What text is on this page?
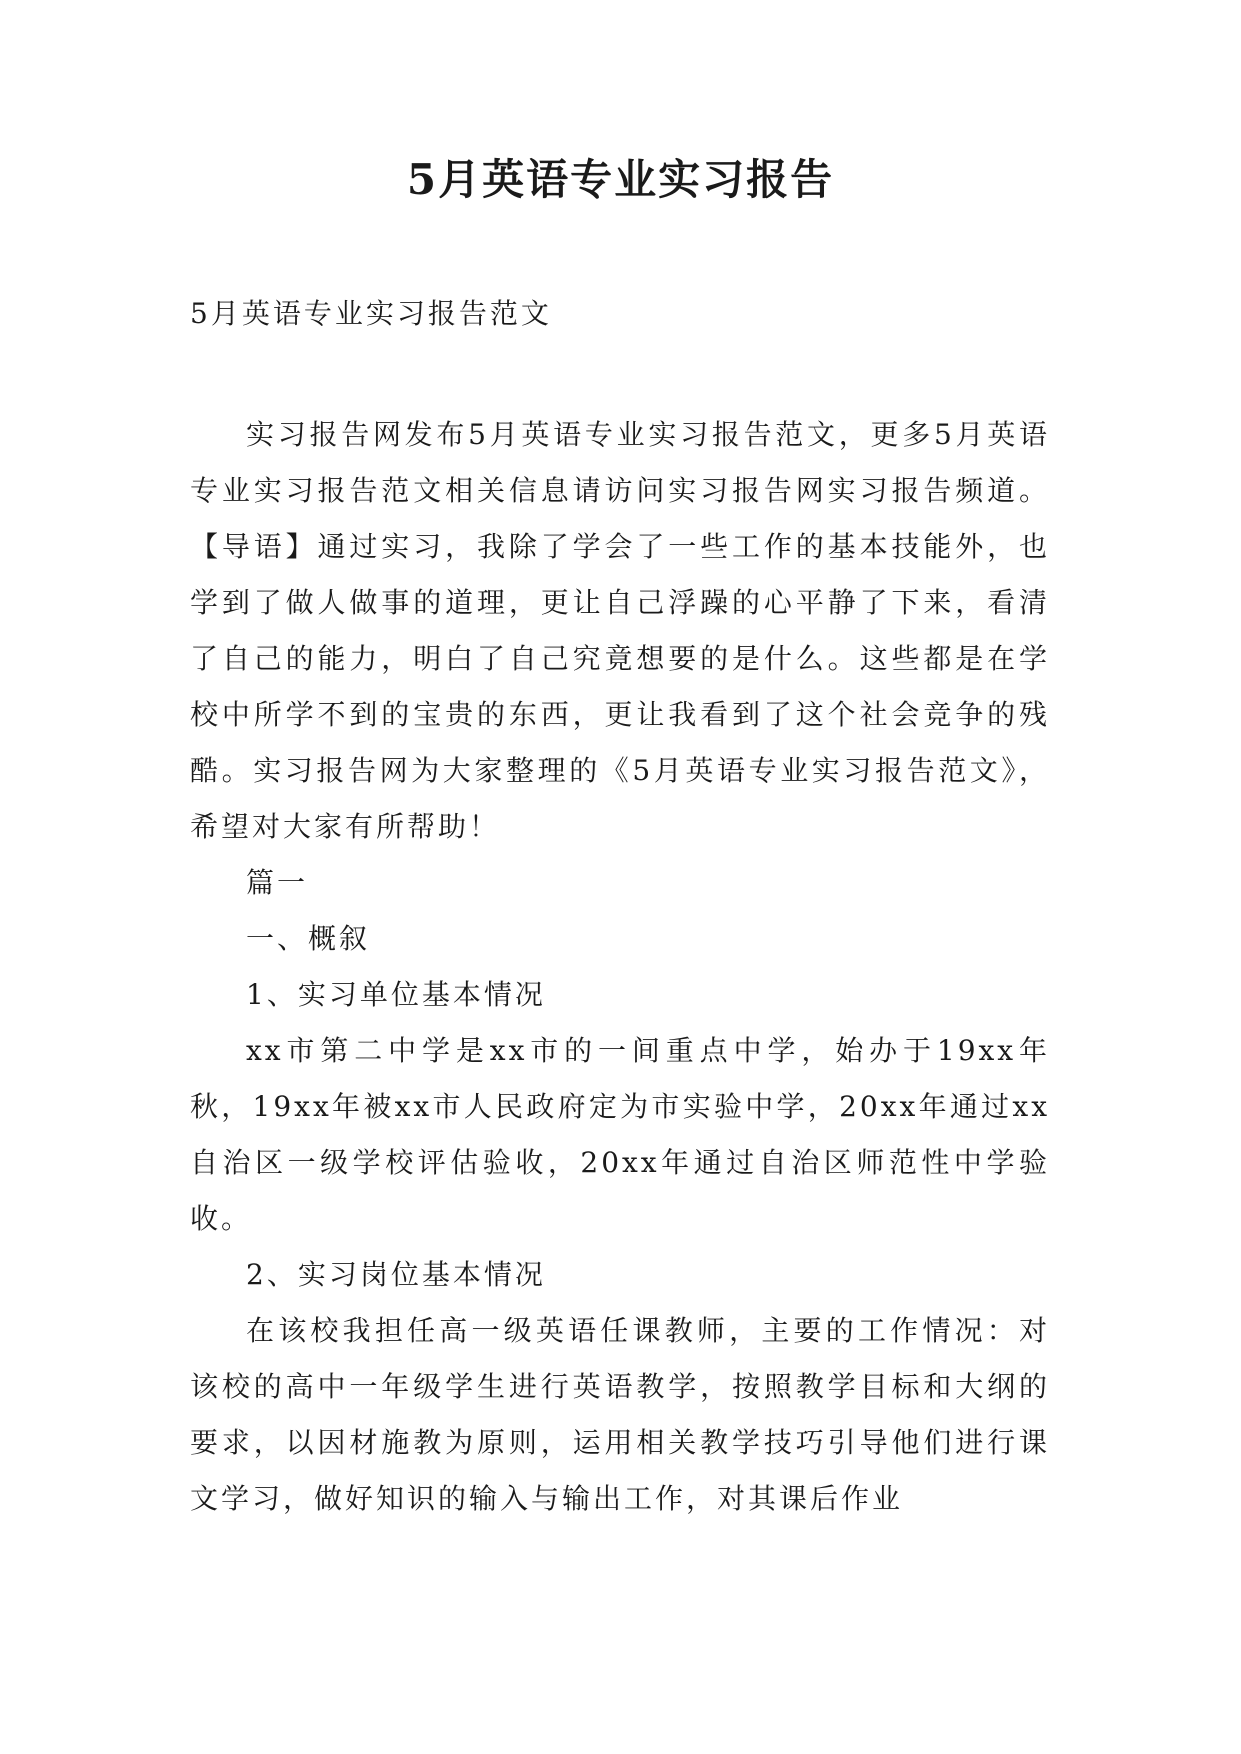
5月英语专业实习报告
5月英语专业实习报告范文

实习报告网发布5月英语专业实习报告范文，更多5月英语专业实习报告范文相关信息请访问实习报告网实习报告频道。【导语】通过实习，我除了学会了一些工作的基本技能外，也学到了做人做事的道理，更让自己浮躁的心平静了下来，看清了自己的能力，明白了自己究竟想要的是什么。这些都是在学校中所学不到的宝贵的东西，更让我看到了这个社会竞争的残酷。实习报告网为大家整理的《5月英语专业实习报告范文》，希望对大家有所帮助！

篇一

一、概叙

1、实习单位基本情况

xx市第二中学是xx市的一间重点中学，始办于19xx年秋，19xx年被xx市人民政府定为市实验中学，20xx年通过xx自治区一级学校评估验收，20xx年通过自治区师范性中学验收。

2、实习岗位基本情况

在该校我担任高一级英语任课教师，主要的工作情况：对该校的高中一年级学生进行英语教学，按照教学目标和大纲的要求，以因材施教为原则，运用相关教学技巧引导他们进行课文学习，做好知识的输入与输出工作，对其课后作业
